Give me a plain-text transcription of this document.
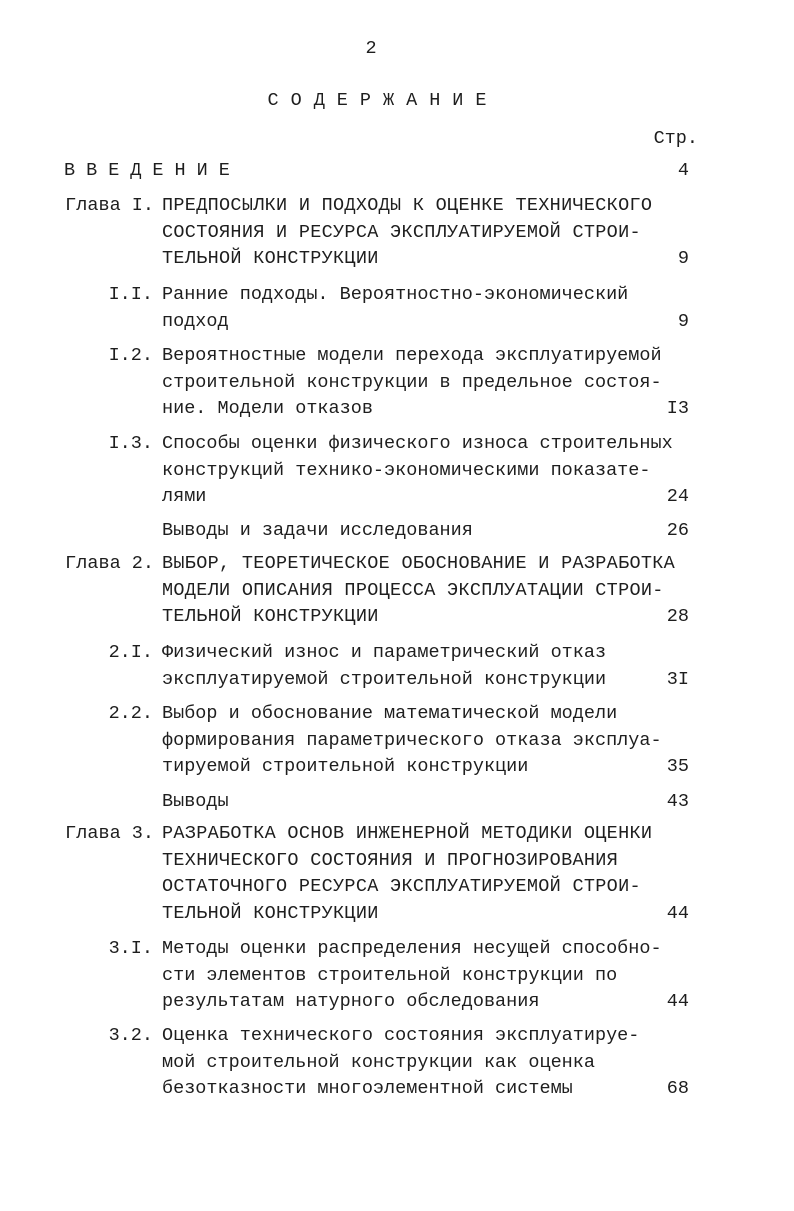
2
СОДЕРЖАНИЕ
Стр.
ВВЕДЕНИЕ	4
Глава I. ПРЕДПОСЫЛКИ И ПОДХОДЫ К ОЦЕНКЕ ТЕХНИЧЕСКОГО
СОСТОЯНИЯ И РЕСУРСА ЭКСПЛУАТИРУЕМОЙ СТРОИ-
ТЕЛЬНОЙ КОНСТРУКЦИИ	9
I.I. Ранние подходы. Вероятностно-экономический
подход	9
I.2. Вероятностные модели перехода эксплуатируемой
строительной конструкции в предельное состоя-
ние. Модели отказов	I3
I.3. Способы оценки физического износа строительных
конструкций технико-экономическими показате-
лями	24
Выводы и задачи исследования	26
Глава 2. ВЫБОР, ТЕОРЕТИЧЕСКОЕ ОБОСНОВАНИЕ И РАЗРАБОТКА
МОДЕЛИ ОПИСАНИЯ ПРОЦЕССА ЭКСПЛУАТАЦИИ СТРОИ-
ТЕЛЬНОЙ КОНСТРУКЦИИ	28
2.I. Физический износ и параметрический отказ
эксплуатируемой строительной конструкции	3I
2.2. Выбор и обоснование математической модели
формирования параметрического отказа эксплуа-
тируемой строительной конструкции	35
Выводы	43
Глава 3. РАЗРАБОТКА ОСНОВ ИНЖЕНЕРНОЙ МЕТОДИКИ ОЦЕНКИ
ТЕХНИЧЕСКОГО СОСТОЯНИЯ И ПРОГНОЗИРОВАНИЯ
ОСТАТОЧНОГО РЕСУРСА ЭКСПЛУАТИРУЕМОЙ СТРОИ-
ТЕЛЬНОЙ КОНСТРУКЦИИ	44
3.I. Методы оценки распределения несущей способно-
сти элементов строительной конструкции по
результатам натурного обследования	44
3.2. Оценка технического состояния эксплуатируе-
мой строительной конструкции как оценка
безотказности многоэлементной системы	68
